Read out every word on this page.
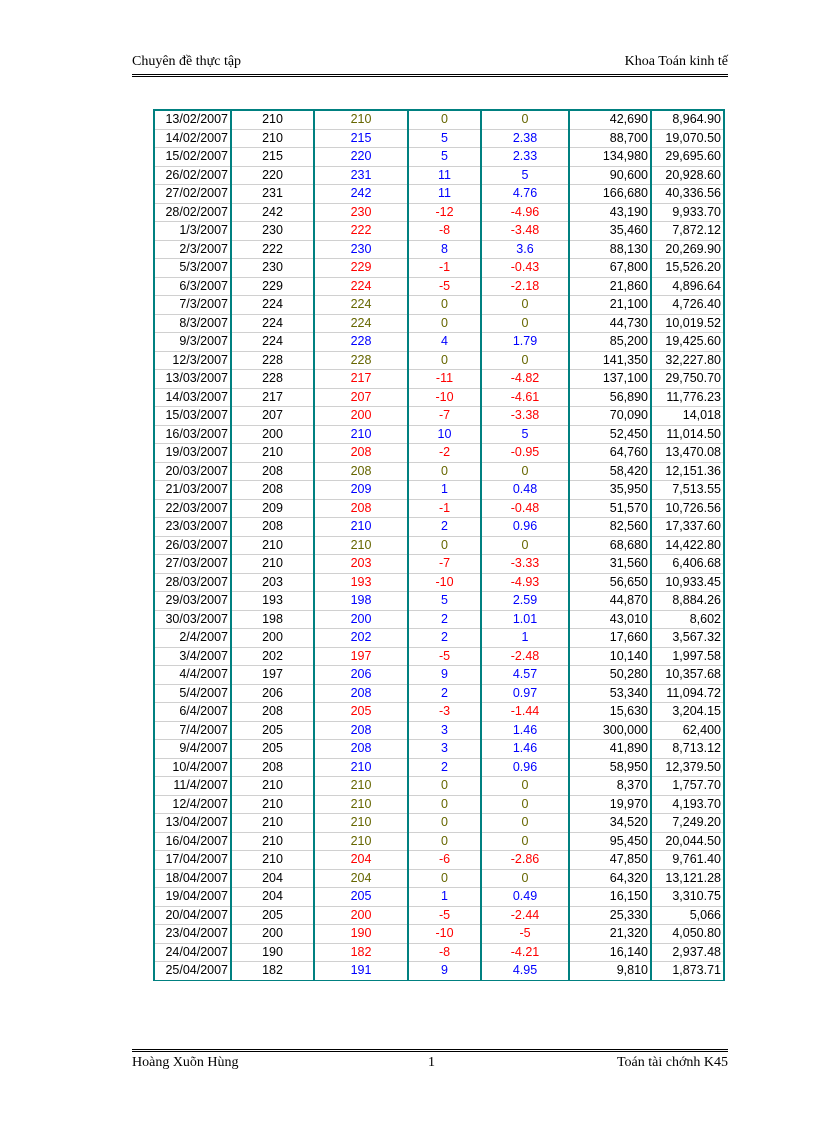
Chuyên đề thực tập	Khoa Toán kinh tế
13/02/2007	210	210	0	0	42,690	8,964.90
14/02/2007	210	215	5	2.38	88,700	19,070.50
15/02/2007	215	220	5	2.33	134,980	29,695.60
26/02/2007	220	231	11	5	90,600	20,928.60
27/02/2007	231	242	11	4.76	166,680	40,336.56
28/02/2007	242	230	-12	-4.96	43,190	9,933.70
1/3/2007	230	222	-8	-3.48	35,460	7,872.12
2/3/2007	222	230	8	3.6	88,130	20,269.90
5/3/2007	230	229	-1	-0.43	67,800	15,526.20
6/3/2007	229	224	-5	-2.18	21,860	4,896.64
7/3/2007	224	224	0	0	21,100	4,726.40
8/3/2007	224	224	0	0	44,730	10,019.52
9/3/2007	224	228	4	1.79	85,200	19,425.60
12/3/2007	228	228	0	0	141,350	32,227.80
13/03/2007	228	217	-11	-4.82	137,100	29,750.70
14/03/2007	217	207	-10	-4.61	56,890	11,776.23
15/03/2007	207	200	-7	-3.38	70,090	14,018
16/03/2007	200	210	10	5	52,450	11,014.50
19/03/2007	210	208	-2	-0.95	64,760	13,470.08
20/03/2007	208	208	0	0	58,420	12,151.36
21/03/2007	208	209	1	0.48	35,950	7,513.55
22/03/2007	209	208	-1	-0.48	51,570	10,726.56
23/03/2007	208	210	2	0.96	82,560	17,337.60
26/03/2007	210	210	0	0	68,680	14,422.80
27/03/2007	210	203	-7	-3.33	31,560	6,406.68
28/03/2007	203	193	-10	-4.93	56,650	10,933.45
29/03/2007	193	198	5	2.59	44,870	8,884.26
30/03/2007	198	200	2	1.01	43,010	8,602
2/4/2007	200	202	2	1	17,660	3,567.32
3/4/2007	202	197	-5	-2.48	10,140	1,997.58
4/4/2007	197	206	9	4.57	50,280	10,357.68
5/4/2007	206	208	2	0.97	53,340	11,094.72
6/4/2007	208	205	-3	-1.44	15,630	3,204.15
7/4/2007	205	208	3	1.46	300,000	62,400
9/4/2007	205	208	3	1.46	41,890	8,713.12
10/4/2007	208	210	2	0.96	58,950	12,379.50
11/4/2007	210	210	0	0	8,370	1,757.70
12/4/2007	210	210	0	0	19,970	4,193.70
13/04/2007	210	210	0	0	34,520	7,249.20
16/04/2007	210	210	0	0	95,450	20,044.50
17/04/2007	210	204	-6	-2.86	47,850	9,761.40
18/04/2007	204	204	0	0	64,320	13,121.28
19/04/2007	204	205	1	0.49	16,150	3,310.75
20/04/2007	205	200	-5	-2.44	25,330	5,066
23/04/2007	200	190	-10	-5	21,320	4,050.80
24/04/2007	190	182	-8	-4.21	16,140	2,937.48
25/04/2007	182	191	9	4.95	9,810	1,873.71
Hoàng Xuõn Hùng	1	Toán tài chớnh K45
